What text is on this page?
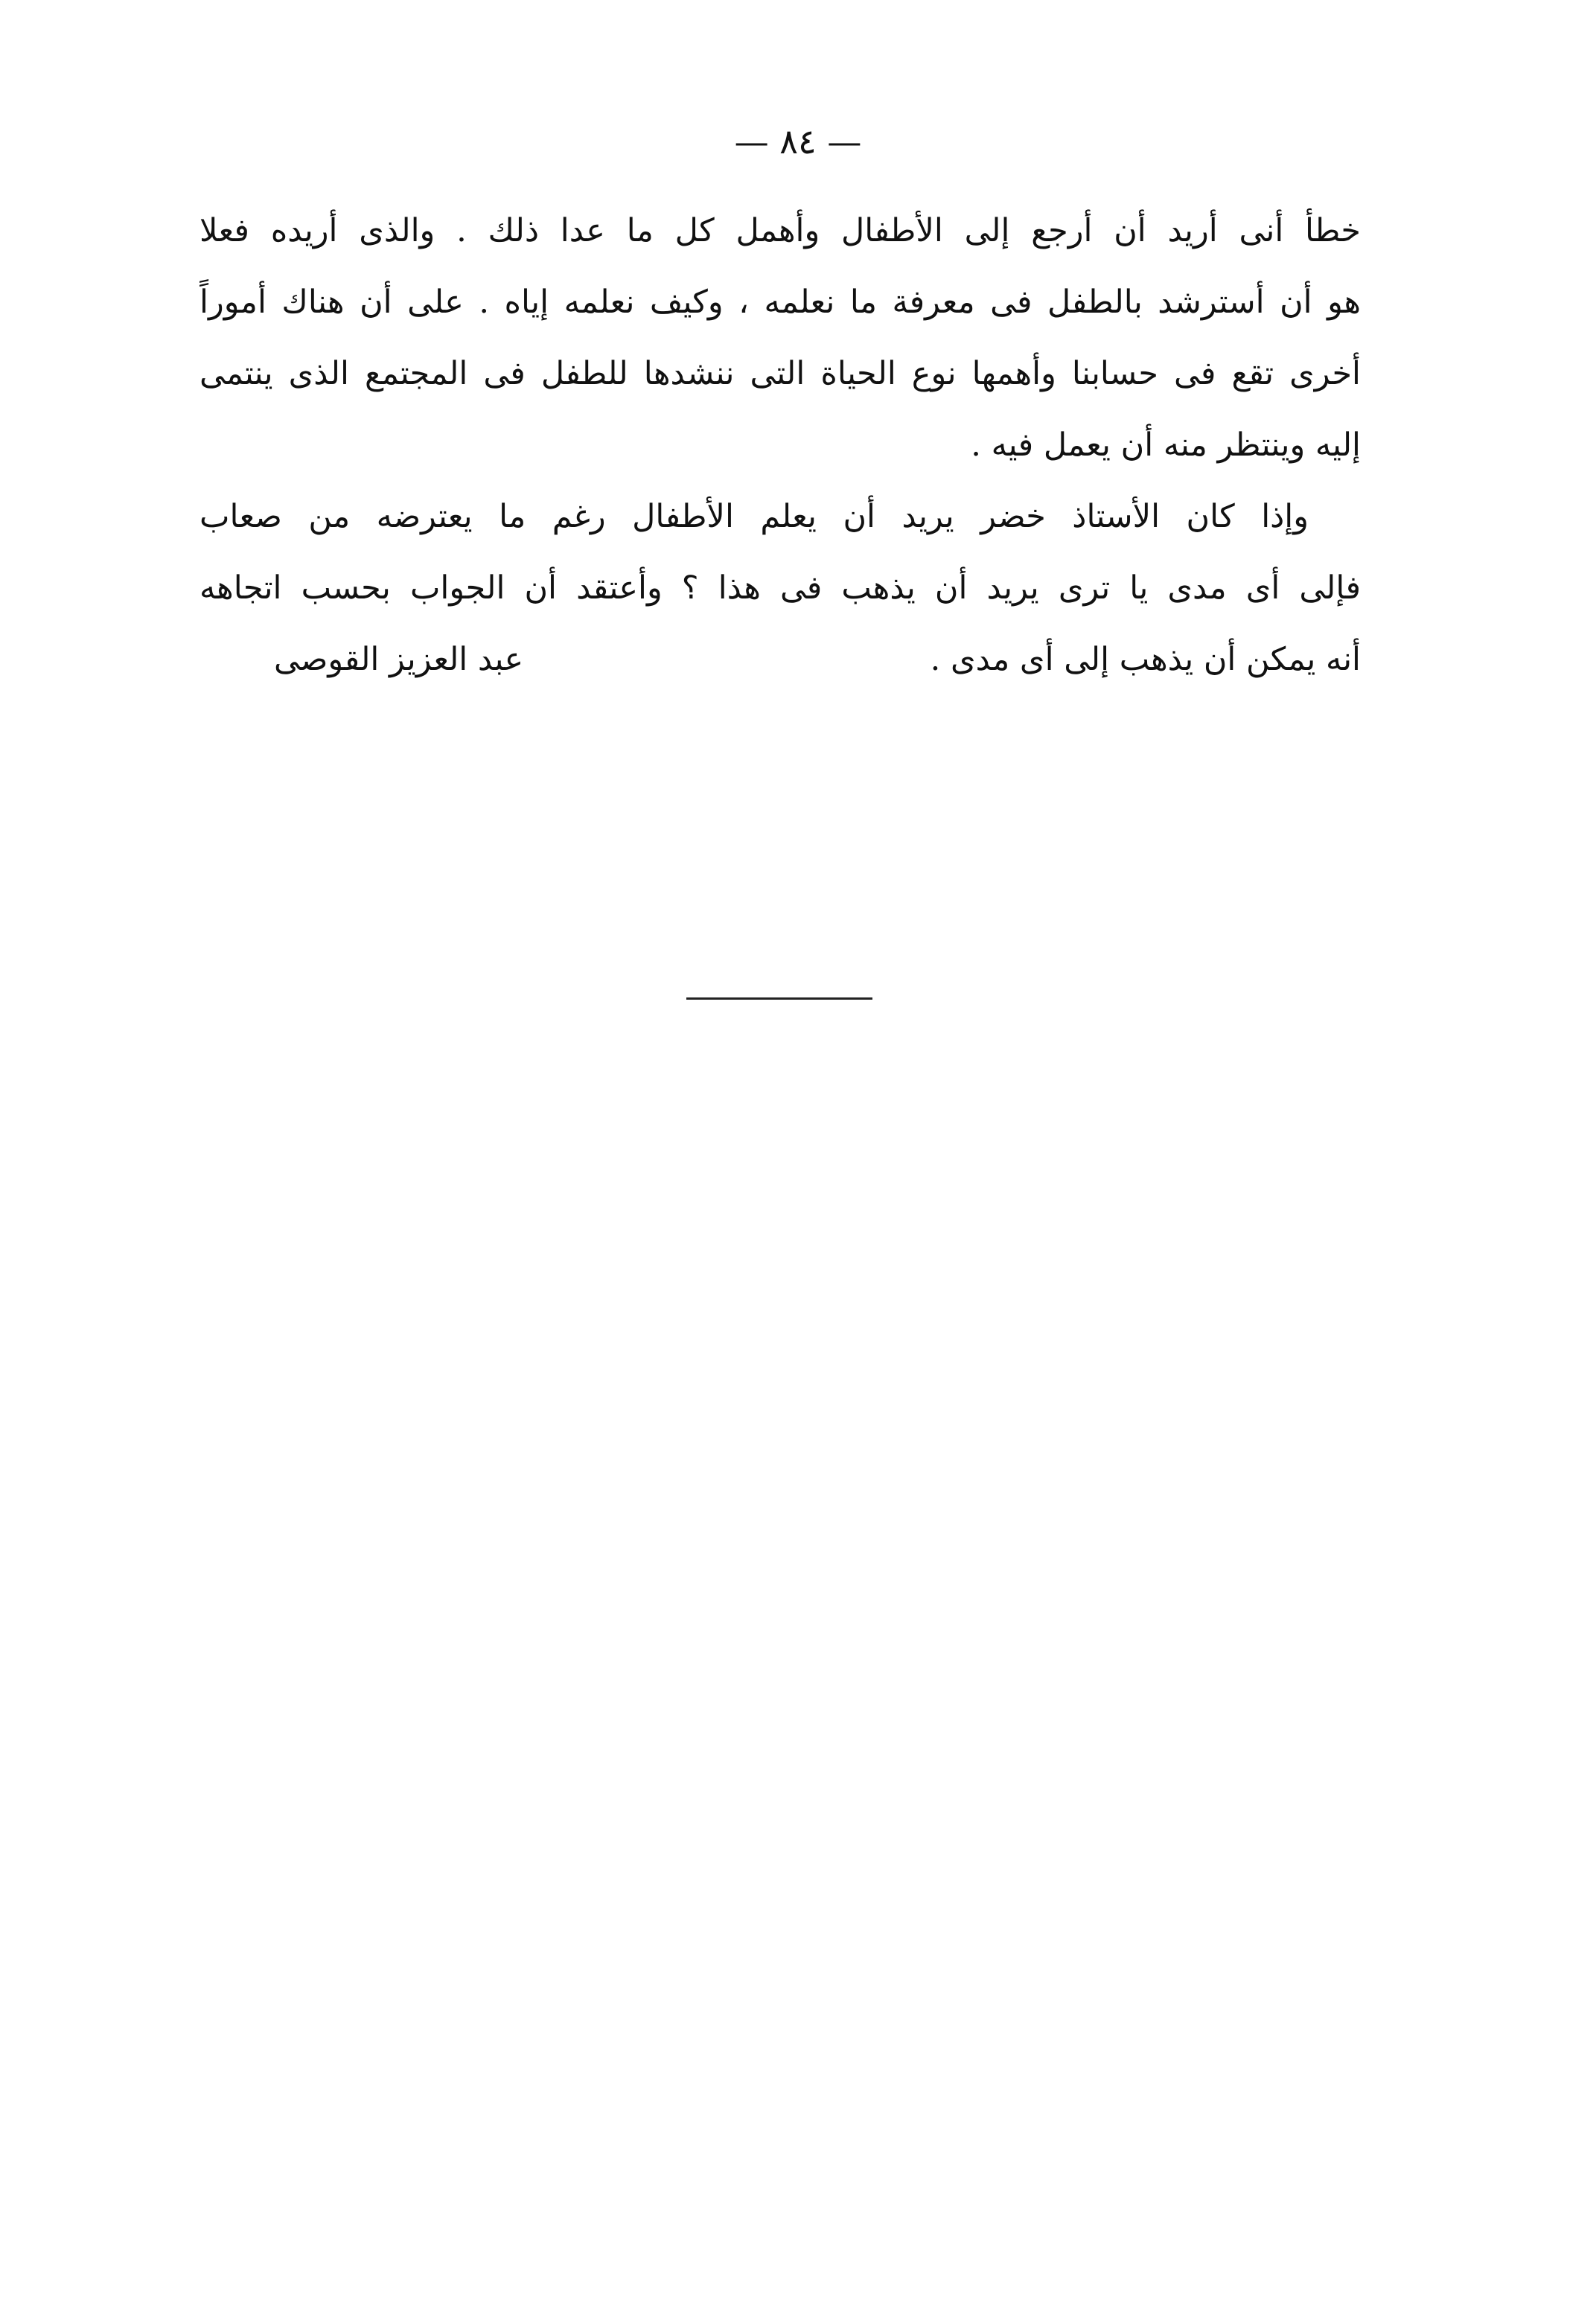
— ٨٤ —
خطأ أنى أريد أن أرجع إلى الأطفال وأهمل كل ما عدا ذلك . والذى أريده فعلا
هو أن أسترشد بالطفل فى معرفة ما نعلمه ، وكيف نعلمه إياه . على أن هناك أموراً
أخرى تقع فى حسابنا وأهمها نوع الحياة التى ننشدها للطفل فى المجتمع الذى ينتمى
إليه وينتظر منه أن يعمل فيه .
وإذا كان الأستاذ خضر يريد أن يعلم الأطفال رغم ما يعترضه من صعاب
فإلى أى مدى يا ترى يريد أن يذهب فى هذا ؟ وأعتقد أن الجواب بحسب اتجاهه
أنه يمكن أن يذهب إلى أى مدى .
عبد العزيز القوصى
